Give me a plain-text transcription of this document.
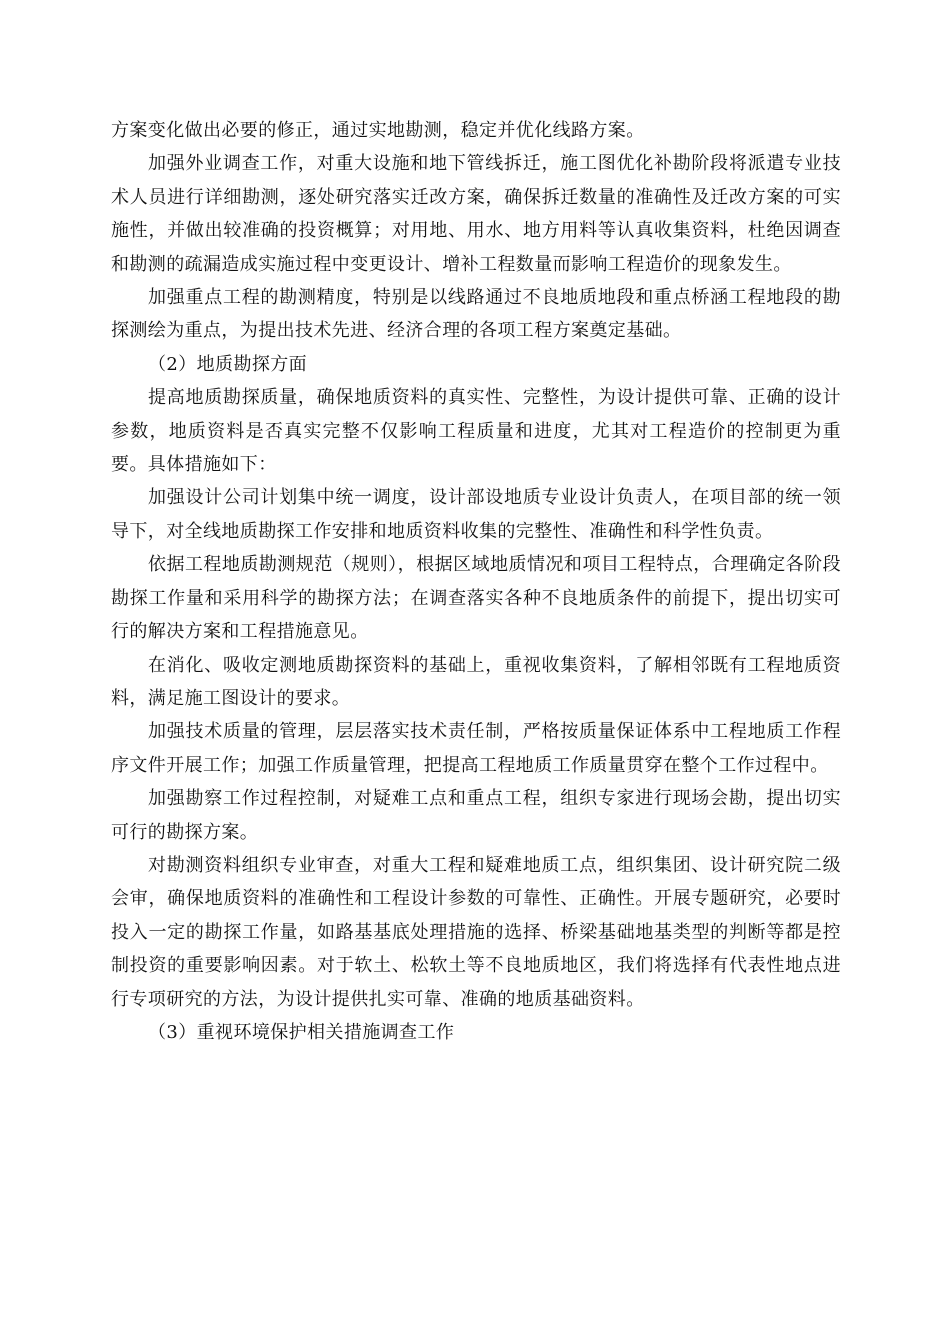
方案变化做出必要的修正，通过实地勘测，稳定并优化线路方案。

加强外业调查工作，对重大设施和地下管线拆迁，施工图优化补勘阶段将派遣专业技术人员进行详细勘测，逐处研究落实迁改方案，确保拆迁数量的准确性及迁改方案的可实施性，并做出较准确的投资概算；对用地、用水、地方用料等认真收集资料，杜绝因调查和勘测的疏漏造成实施过程中变更设计、增补工程数量而影响工程造价的现象发生。

加强重点工程的勘测精度，特别是以线路通过不良地质地段和重点桥涵工程地段的勘探测绘为重点，为提出技术先进、经济合理的各项工程方案奠定基础。

（2）地质勘探方面

提高地质勘探质量，确保地质资料的真实性、完整性，为设计提供可靠、正确的设计参数，地质资料是否真实完整不仅影响工程质量和进度，尤其对工程造价的控制更为重要。具体措施如下：

加强设计公司计划集中统一调度，设计部设地质专业设计负责人，在项目部的统一领导下，对全线地质勘探工作安排和地质资料收集的完整性、准确性和科学性负责。

依据工程地质勘测规范（规则），根据区域地质情况和项目工程特点，合理确定各阶段勘探工作量和采用科学的勘探方法；在调查落实各种不良地质条件的前提下，提出切实可行的解决方案和工程措施意见。

在消化、吸收定测地质勘探资料的基础上，重视收集资料，了解相邻既有工程地质资料，满足施工图设计的要求。

加强技术质量的管理，层层落实技术责任制，严格按质量保证体系中工程地质工作程序文件开展工作；加强工作质量管理，把提高工程地质工作质量贯穿在整个工作过程中。

加强勘察工作过程控制，对疑难工点和重点工程，组织专家进行现场会勘，提出切实可行的勘探方案。

对勘测资料组织专业审查，对重大工程和疑难地质工点，组织集团、设计研究院二级会审，确保地质资料的准确性和工程设计参数的可靠性、正确性。开展专题研究，必要时投入一定的勘探工作量，如路基基底处理措施的选择、桥梁基础地基类型的判断等都是控制投资的重要影响因素。对于软土、松软土等不良地质地区，我们将选择有代表性地点进行专项研究的方法，为设计提供扎实可靠、准确的地质基础资料。

（3）重视环境保护相关措施调查工作
